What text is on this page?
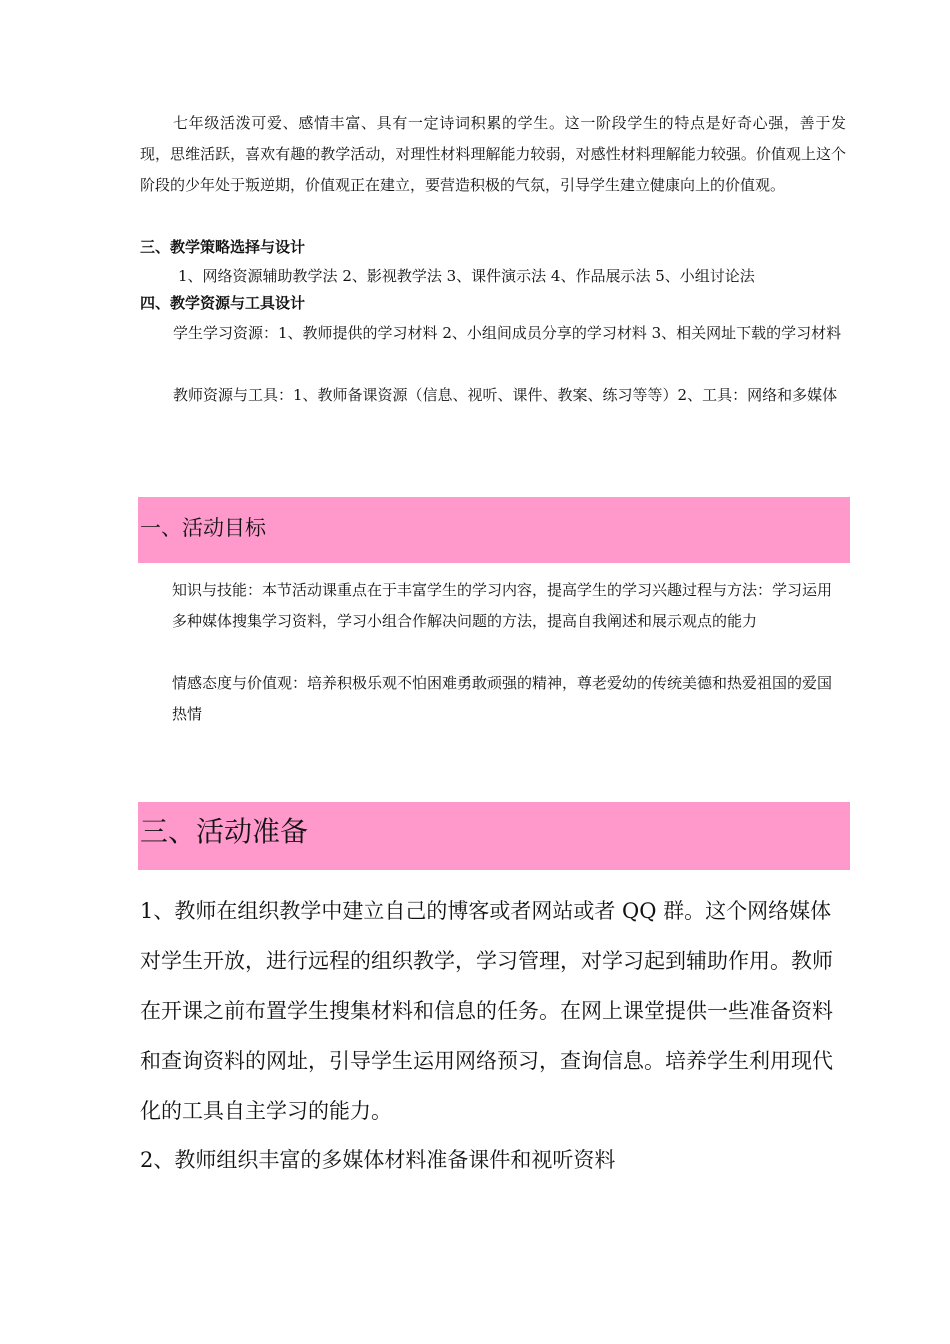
七年级活泼可爱、感情丰富、具有一定诗词积累的学生。这一阶段学生的特点是好奇心强，善于发现，思维活跃，喜欢有趣的教学活动，对理性材料理解能力较弱，对感性材料理解能力较强。价值观上这个阶段的少年处于叛逆期，价值观正在建立，要营造积极的气氛，引导学生建立健康向上的价值观。

三、教学策略选择与设计

1、网络资源辅助教学法 2、影视教学法 3、课件演示法 4、作品展示法 5、小组讨论法

四、教学资源与工具设计

学生学习资源：1、教师提供的学习材料 2、小组间成员分享的学习材料 3、相关网址下载的学习材料

教师资源与工具：1、教师备课资源（信息、视听、课件、教案、练习等等）2、工具：网络和多媒体

一、活动目标

知识与技能：本节活动课重点在于丰富学生的学习内容，提高学生的学习兴趣过程与方法：学习运用多种媒体搜集学习资料，学习小组合作解决问题的方法，提高自我阐述和展示观点的能力

情感态度与价值观：培养积极乐观不怕困难勇敢顽强的精神，尊老爱幼的传统美德和热爱祖国的爱国热情

三、活动准备

1、教师在组织教学中建立自己的博客或者网站或者 QQ 群。这个网络媒体对学生开放，进行远程的组织教学，学习管理，对学习起到辅助作用。教师在开课之前布置学生搜集材料和信息的任务。在网上课堂提供一些准备资料和查询资料的网址，引导学生运用网络预习，查询信息。培养学生利用现代化的工具自主学习的能力。

2、教师组织丰富的多媒体材料准备课件和视听资料
